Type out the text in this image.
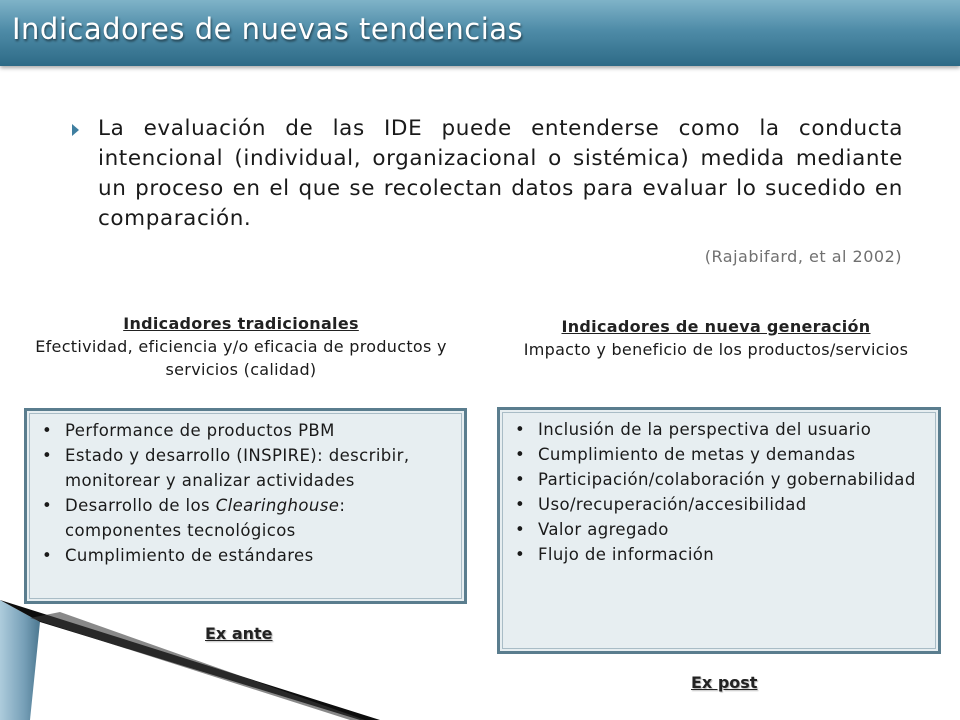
Indicadores de nuevas tendencias
La evaluación de las IDE puede entenderse como la conducta intencional (individual, organizacional o sistémica) medida mediante un proceso en el que se recolectan datos para evaluar lo sucedido en comparación.
(Rajabifard, et al 2002)
Indicadores tradicionales
Efectividad, eficiencia y/o eficacia de productos y servicios (calidad)
Indicadores de nueva generación
Impacto y beneficio de los productos/servicios
• Performance de productos PBM
• Estado y desarrollo (INSPIRE): describir, monitorear y analizar actividades
• Desarrollo de los Clearinghouse: componentes tecnológicos
• Cumplimiento de estándares
• Inclusión de la perspectiva del usuario
• Cumplimiento de metas y demandas
• Participación/colaboración y gobernabilidad
• Uso/recuperación/accesibilidad
• Valor agregado
• Flujo de información
Ex ante
Ex post
